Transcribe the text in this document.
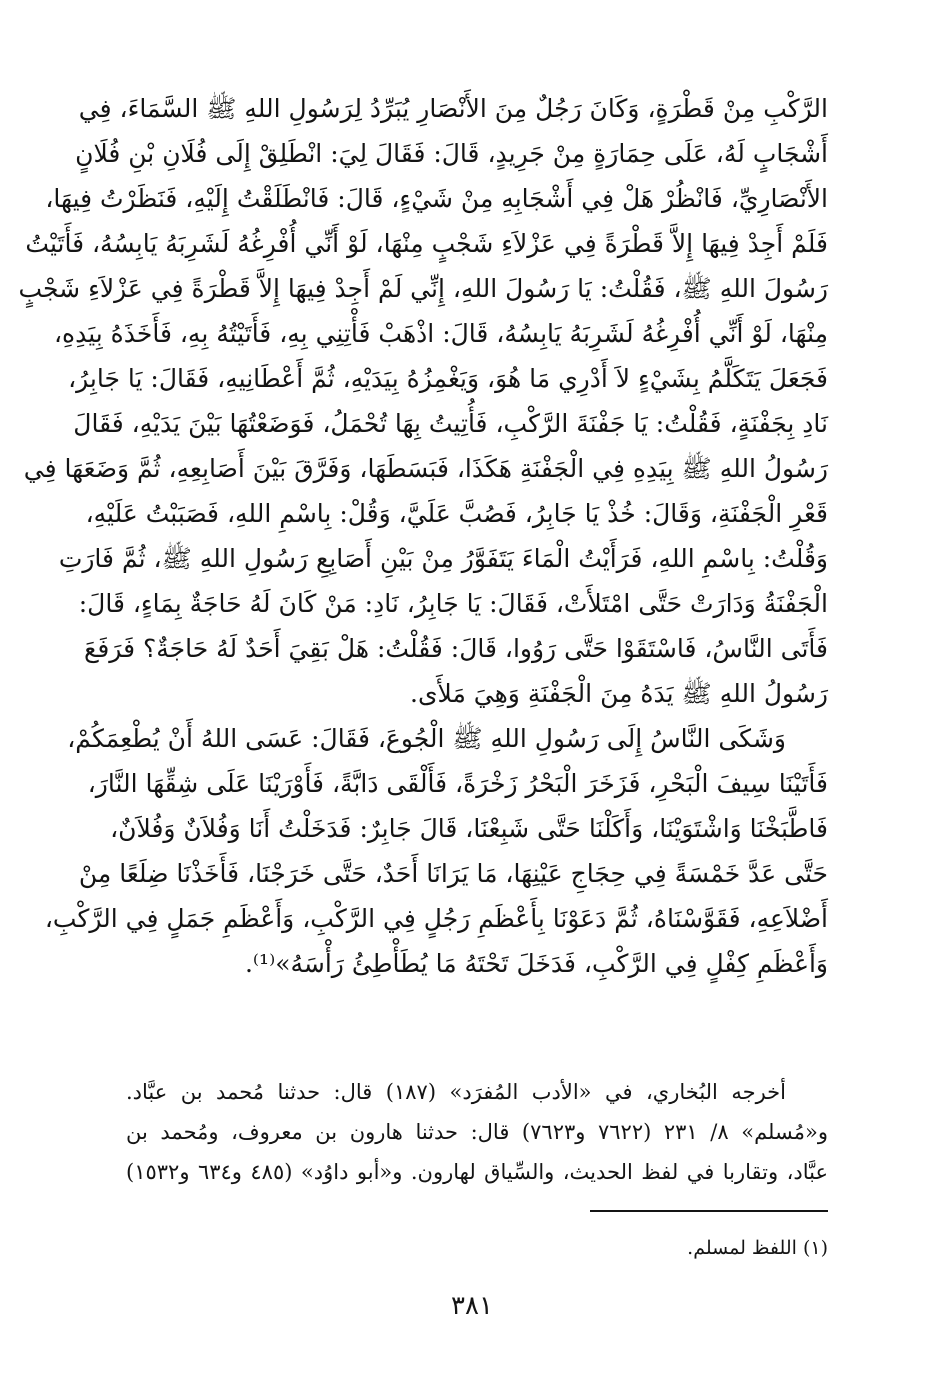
الرَّكْبِ مِنْ قَطْرَةٍ، وَكَانَ رَجُلٌ مِنَ الأَنْصَارِ يُبَرِّدُ لِرَسُولِ اللهِ ﷺ السَّمَاءَ، فِي
أَشْجَابٍ لَهُ، عَلَى حِمَارَةٍ مِنْ جَرِيدٍ، قَالَ: فَقَالَ لِيَ: انْطَلِقْ إِلَى فُلَانِ بْنِ فُلَانٍ
الأَنْصَارِيِّ، فَانْظُرْ هَلْ فِي أَشْجَابِهِ مِنْ شَيْءٍ، قَالَ: فَانْطَلَقْتُ إِلَيْهِ، فَنَظَرْتُ فِيهَا،
فَلَمْ أَجِدْ فِيهَا إِلاَّ قَطْرَةً فِي عَزْلاَءِ شَجْبٍ مِنْهَا، لَوْ أَنِّي أُفْرِغُهُ لَشَرِبَهُ يَابِسُهُ، فَأَتَيْتُ
رَسُولَ اللهِ ﷺ، فَقُلْتُ: يَا رَسُولَ اللهِ، إِنِّي لَمْ أَجِدْ فِيهَا إِلاَّ قَطْرَةً فِي عَزْلاَءِ شَجْبٍ
مِنْهَا، لَوْ أَنِّي أُفْرِغُهُ لَشَرِبَهُ يَابِسُهُ، قَالَ: اذْهَبْ فَأْتِنِي بِهِ، فَأَتَيْتُهُ بِهِ، فَأَخَذَهُ بِيَدِهِ،
فَجَعَلَ يَتَكَلَّمُ بِشَيْءٍ لاَ أَدْرِي مَا هُوَ، وَيَغْمِزُهُ بِيَدَيْهِ، ثُمَّ أَعْطَانِيهِ، فَقَالَ: يَا جَابِرُ،
نَادِ بِجَفْنَةٍ، فَقُلْتُ: يَا جَفْنَةَ الرَّكْبِ، فَأُتِيتُ بِهَا تُحْمَلُ، فَوَضَعْتُهَا بَيْنَ يَدَيْهِ، فَقَالَ
رَسُولُ اللهِ ﷺ بِيَدِهِ فِي الْجَفْنَةِ هَكَذَا، فَبَسَطَهَا، وَفَرَّقَ بَيْنَ أَصَابِعِهِ، ثُمَّ وَضَعَهَا فِي
قَعْرِ الْجَفْنَةِ، وَقَالَ: خُذْ يَا جَابِرُ، فَصُبَّ عَلَيَّ، وَقُلْ: بِاسْمِ اللهِ، فَصَبَبْتُ عَلَيْهِ،
وَقُلْتُ: بِاسْمِ اللهِ، فَرَأَيْتُ الْمَاءَ يَتَفَوَّرُ مِنْ بَيْنِ أَصَابِعِ رَسُولِ اللهِ ﷺ، ثُمَّ فَارَتِ
الْجَفْنَةُ وَدَارَتْ حَتَّى امْتَلأَتْ، فَقَالَ: يَا جَابِرُ، نَادِ: مَنْ كَانَ لَهُ حَاجَةٌ بِمَاءٍ، قَالَ:
فَأَتَى النَّاسُ، فَاسْتَقَوْا حَتَّى رَوُوا، قَالَ: فَقُلْتُ: هَلْ بَقِيَ أَحَدٌ لَهُ حَاجَةٌ؟ فَرَفَعَ
رَسُولُ اللهِ ﷺ يَدَهُ مِنَ الْجَفْنَةِ وَهِيَ مَلأَى.
وَشَكَى النَّاسُ إِلَى رَسُولِ اللهِ ﷺ الْجُوعَ، فَقَالَ: عَسَى اللهُ أَنْ يُطْعِمَكُمْ،
فَأَتَيْنَا سِيفَ الْبَحْرِ، فَزَخَرَ الْبَحْرُ زَخْرَةً، فَأَلْقَى دَابَّةً، فَأَوْرَيْنَا عَلَى شِقِّهَا النَّارَ،
فَاطَّبَخْنَا وَاشْتَوَيْنَا، وَأَكَلْنَا حَتَّى شَبِعْنَا، قَالَ جَابِرٌ: فَدَخَلْتُ أَنَا وَفُلاَنٌ وَفُلاَنٌ،
حَتَّى عَدَّ خَمْسَةً فِي حِجَاجِ عَيْنِهَا، مَا يَرَانَا أَحَدٌ، حَتَّى خَرَجْنَا، فَأَخَذْنَا ضِلَعًا مِنْ
أَضْلاَعِهِ، فَقَوَّسْنَاهُ، ثُمَّ دَعَوْنَا بِأَعْظَمِ رَجُلٍ فِي الرَّكْبِ، وَأَعْظَمِ جَمَلٍ فِي الرَّكْبِ،
وَأَعْظَمِ كِفْلٍ فِي الرَّكْبِ، فَدَخَلَ تَحْتَهُ مَا يُطَأْطِئُ رَأْسَهُ»⁽¹⁾.
أخرجه البُخاري، في «الأدب المُفرَد» (١٨٧) قال: حدثنا مُحمد بن عبَّاد.
و«مُسلم» ٨/ ٢٣١ (٧٦٢٢ و٧٦٢٣) قال: حدثنا هارون بن معروف، ومُحمد بن
عبَّاد، وتقاربا في لفظ الحديث، والسِّياق لهارون. و«أبو داوُد» (٤٨٥ و٦٣٤ و١٥٣٢)
(١) اللفظ لمسلم.
٣٨١
